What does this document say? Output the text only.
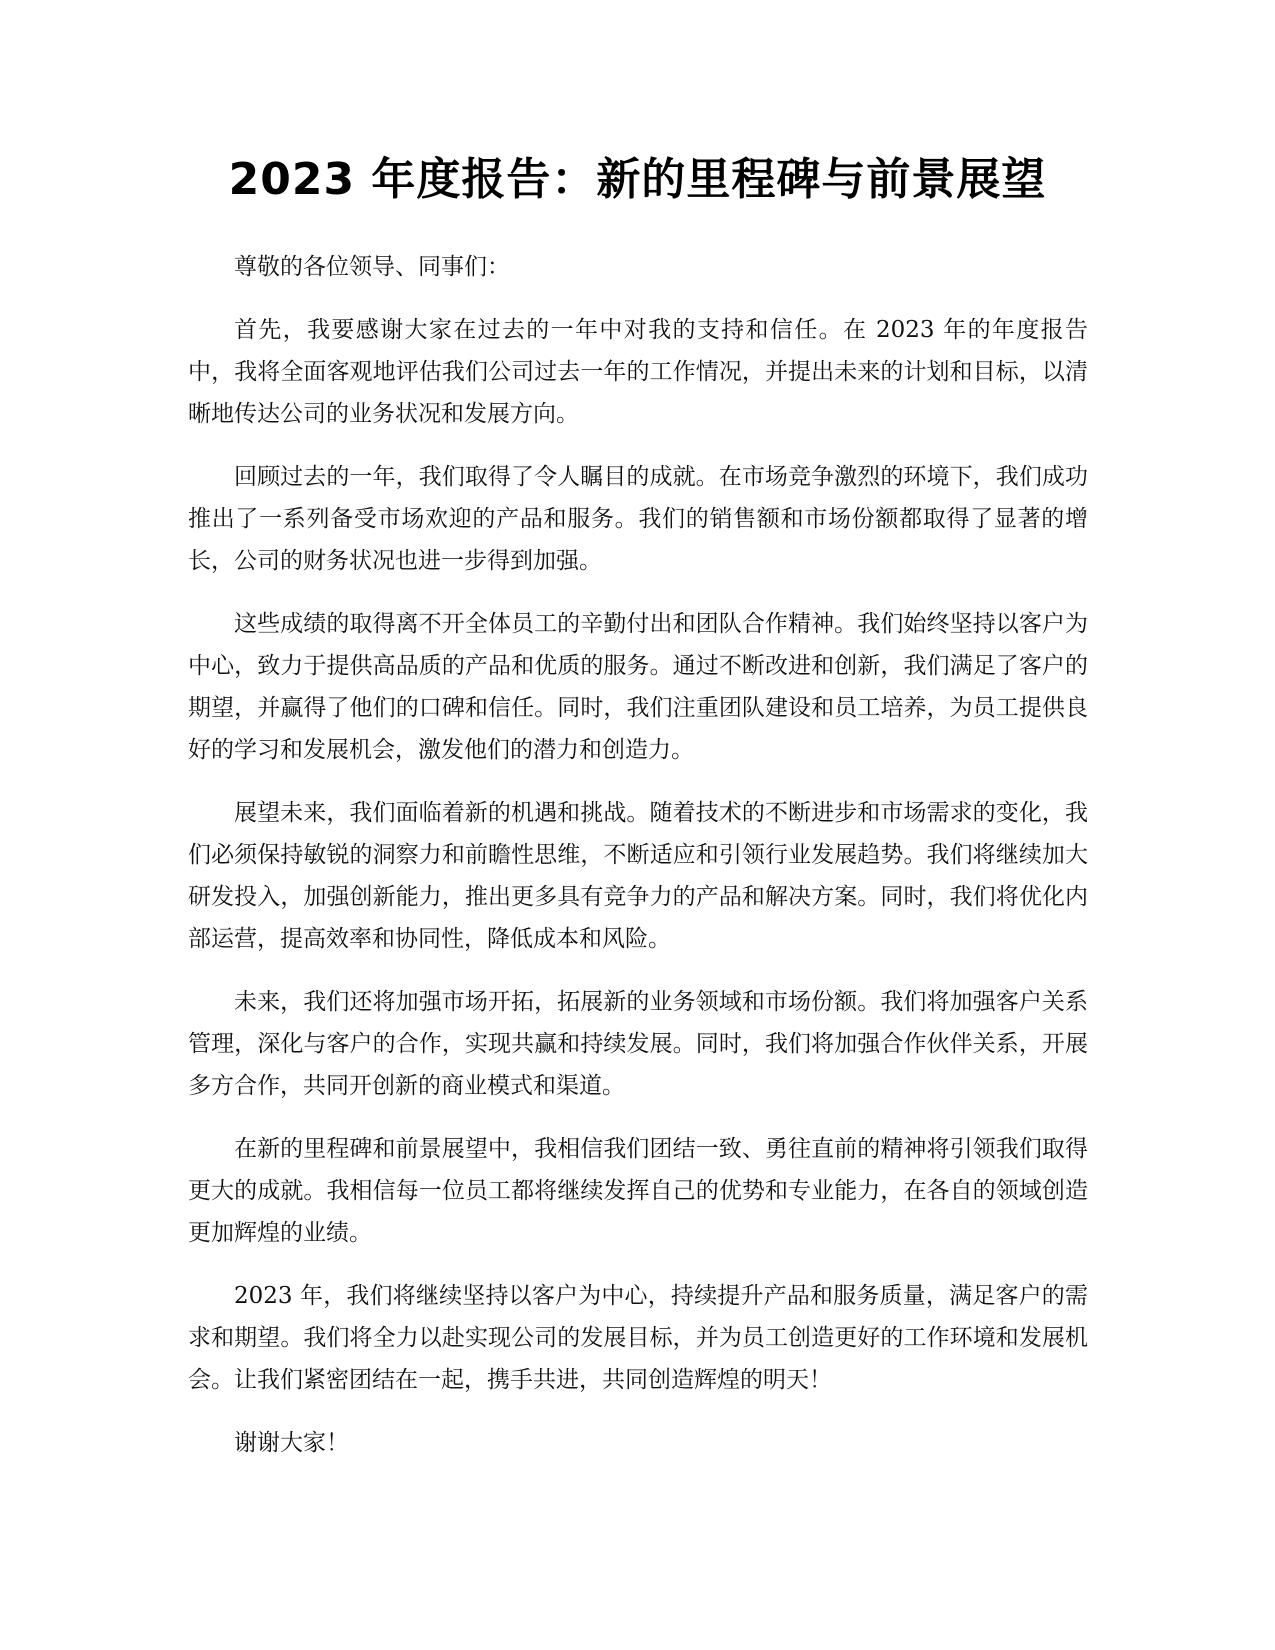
2023 年度报告：新的里程碑与前景展望

尊敬的各位领导、同事们：

首先，我要感谢大家在过去的一年中对我的支持和信任。在 2023 年的年度报告中，我将全面客观地评估我们公司过去一年的工作情况，并提出未来的计划和目标，以清晰地传达公司的业务状况和发展方向。

回顾过去的一年，我们取得了令人瞩目的成就。在市场竞争激烈的环境下，我们成功推出了一系列备受市场欢迎的产品和服务。我们的销售额和市场份额都取得了显著的增长，公司的财务状况也进一步得到加强。

这些成绩的取得离不开全体员工的辛勤付出和团队合作精神。我们始终坚持以客户为中心，致力于提供高品质的产品和优质的服务。通过不断改进和创新，我们满足了客户的期望，并赢得了他们的口碑和信任。同时，我们注重团队建设和员工培养，为员工提供良好的学习和发展机会，激发他们的潜力和创造力。

展望未来，我们面临着新的机遇和挑战。随着技术的不断进步和市场需求的变化，我们必须保持敏锐的洞察力和前瞻性思维，不断适应和引领行业发展趋势。我们将继续加大研发投入，加强创新能力，推出更多具有竞争力的产品和解决方案。同时，我们将优化内部运营，提高效率和协同性，降低成本和风险。

未来，我们还将加强市场开拓，拓展新的业务领域和市场份额。我们将加强客户关系管理，深化与客户的合作，实现共赢和持续发展。同时，我们将加强合作伙伴关系，开展多方合作，共同开创新的商业模式和渠道。

在新的里程碑和前景展望中，我相信我们团结一致、勇往直前的精神将引领我们取得更大的成就。我相信每一位员工都将继续发挥自己的优势和专业能力，在各自的领域创造更加辉煌的业绩。

2023 年，我们将继续坚持以客户为中心，持续提升产品和服务质量，满足客户的需求和期望。我们将全力以赴实现公司的发展目标，并为员工创造更好的工作环境和发展机会。让我们紧密团结在一起，携手共进，共同创造辉煌的明天！

谢谢大家！
